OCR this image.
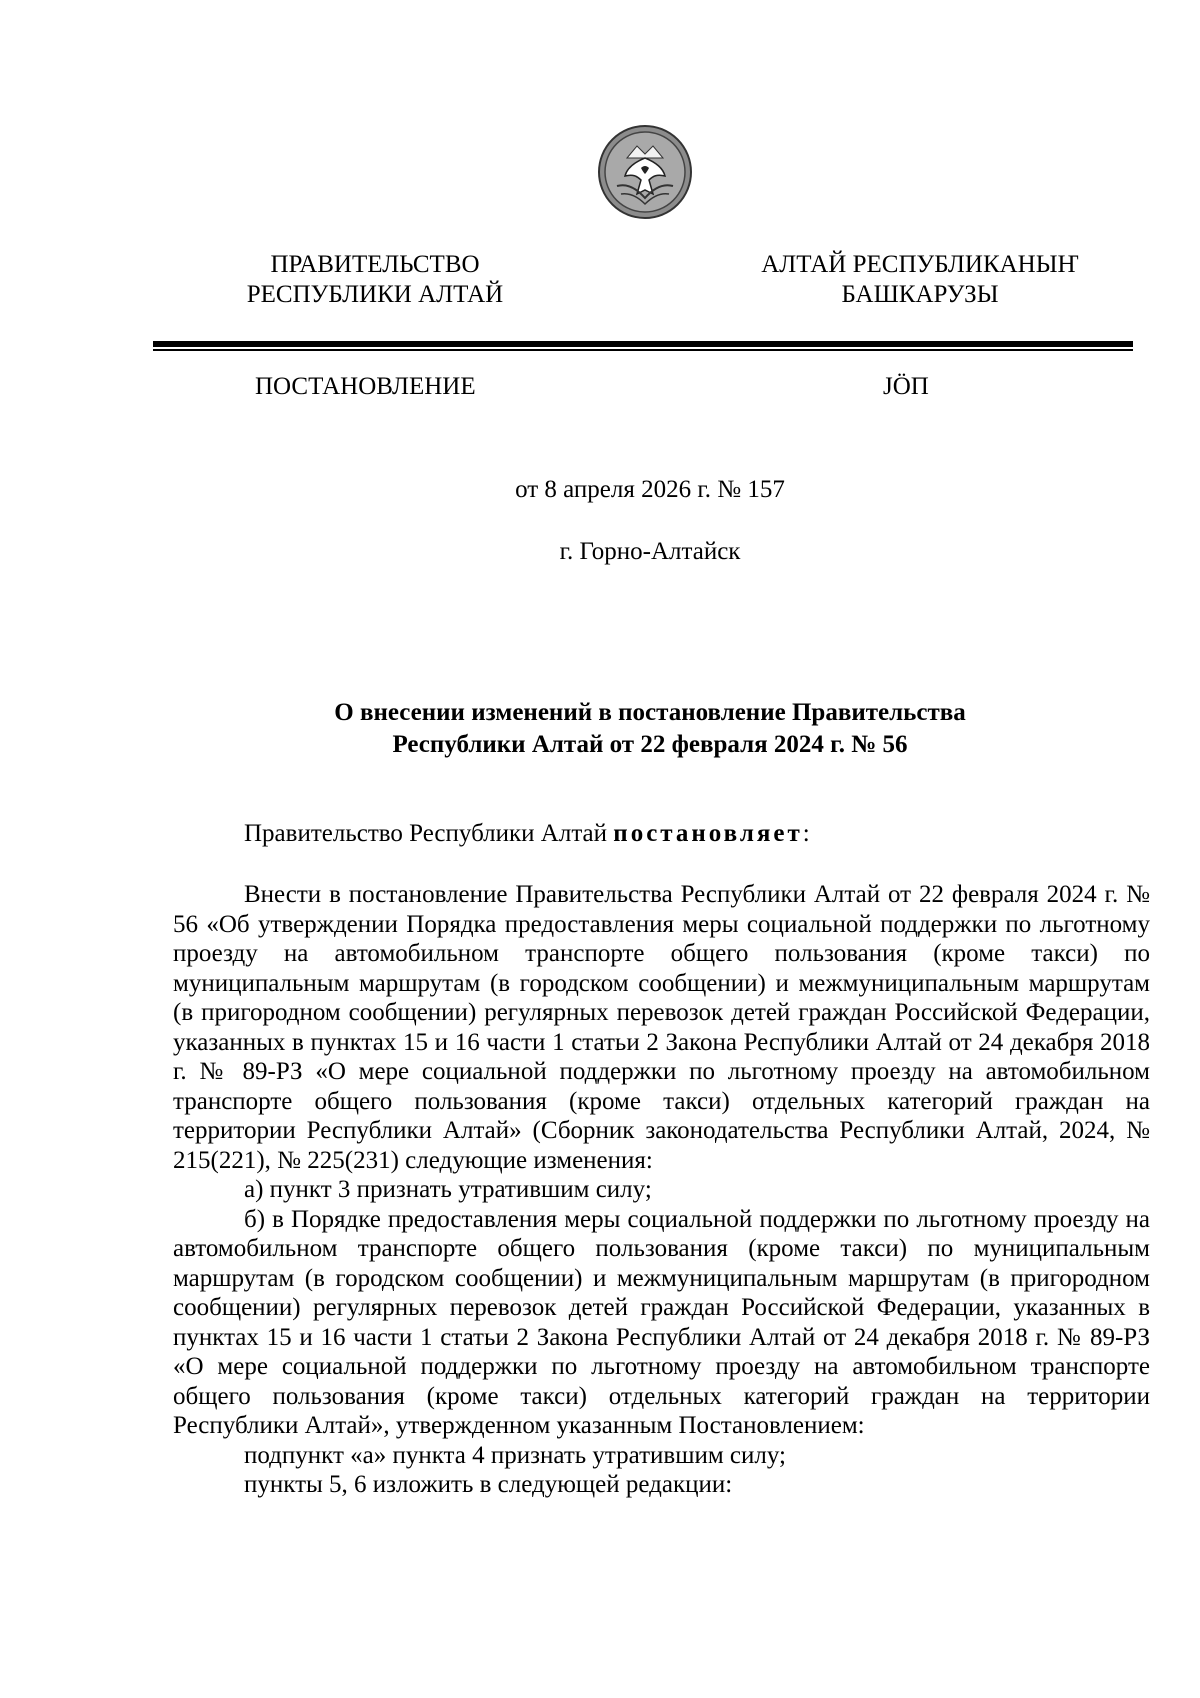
ПРАВИТЕЛЬСТВО
РЕСПУБЛИКИ АЛТАЙ
АЛТАЙ РЕСПУБЛИКАНЫҤ
БАШКАРУЗЫ
ПОСТАНОВЛЕНИЕ	JÖП
от 8 апреля 2026 г. № 157
г. Горно-Алтайск
О внесении изменений в постановление Правительства
Республики Алтай от 22 февраля 2024 г. № 56
Правительство Республики Алтай постановляет:

Внести в постановление Правительства Республики Алтай от 22 февраля 2024 г. № 56 «Об утверждении Порядка предоставления меры социальной поддержки по льготному проезду на автомобильном транспорте общего пользования (кроме такси) по муниципальным маршрутам (в городском сообщении) и межмуниципальным маршрутам (в пригородном сообщении) регулярных перевозок детей граждан Российской Федерации, указанных в пунктах 15 и 16 части 1 статьи 2 Закона Республики Алтай от 24 декабря 2018 г. № 89-РЗ «О мере социальной поддержки по льготному проезду на автомобильном транспорте общего пользования (кроме такси) отдельных категорий граждан на территории Республики Алтай» (Сборник законодательства Республики Алтай, 2024, № 215(221), № 225(231) следующие изменения:

а) пункт 3 признать утратившим силу;

б) в Порядке предоставления меры социальной поддержки по льготному проезду на автомобильном транспорте общего пользования (кроме такси) по муниципальным маршрутам (в городском сообщении) и межмуниципальным маршрутам (в пригородном сообщении) регулярных перевозок детей граждан Российской Федерации, указанных в пунктах 15 и 16 части 1 статьи 2 Закона Республики Алтай от 24 декабря 2018 г. № 89-РЗ «О мере социальной поддержки по льготному проезду на автомобильном транспорте общего пользования (кроме такси) отдельных категорий граждан на территории Республики Алтай», утвержденном указанным Постановлением:

подпункт «а» пункта 4 признать утратившим силу;

пункты 5, 6 изложить в следующей редакции:
